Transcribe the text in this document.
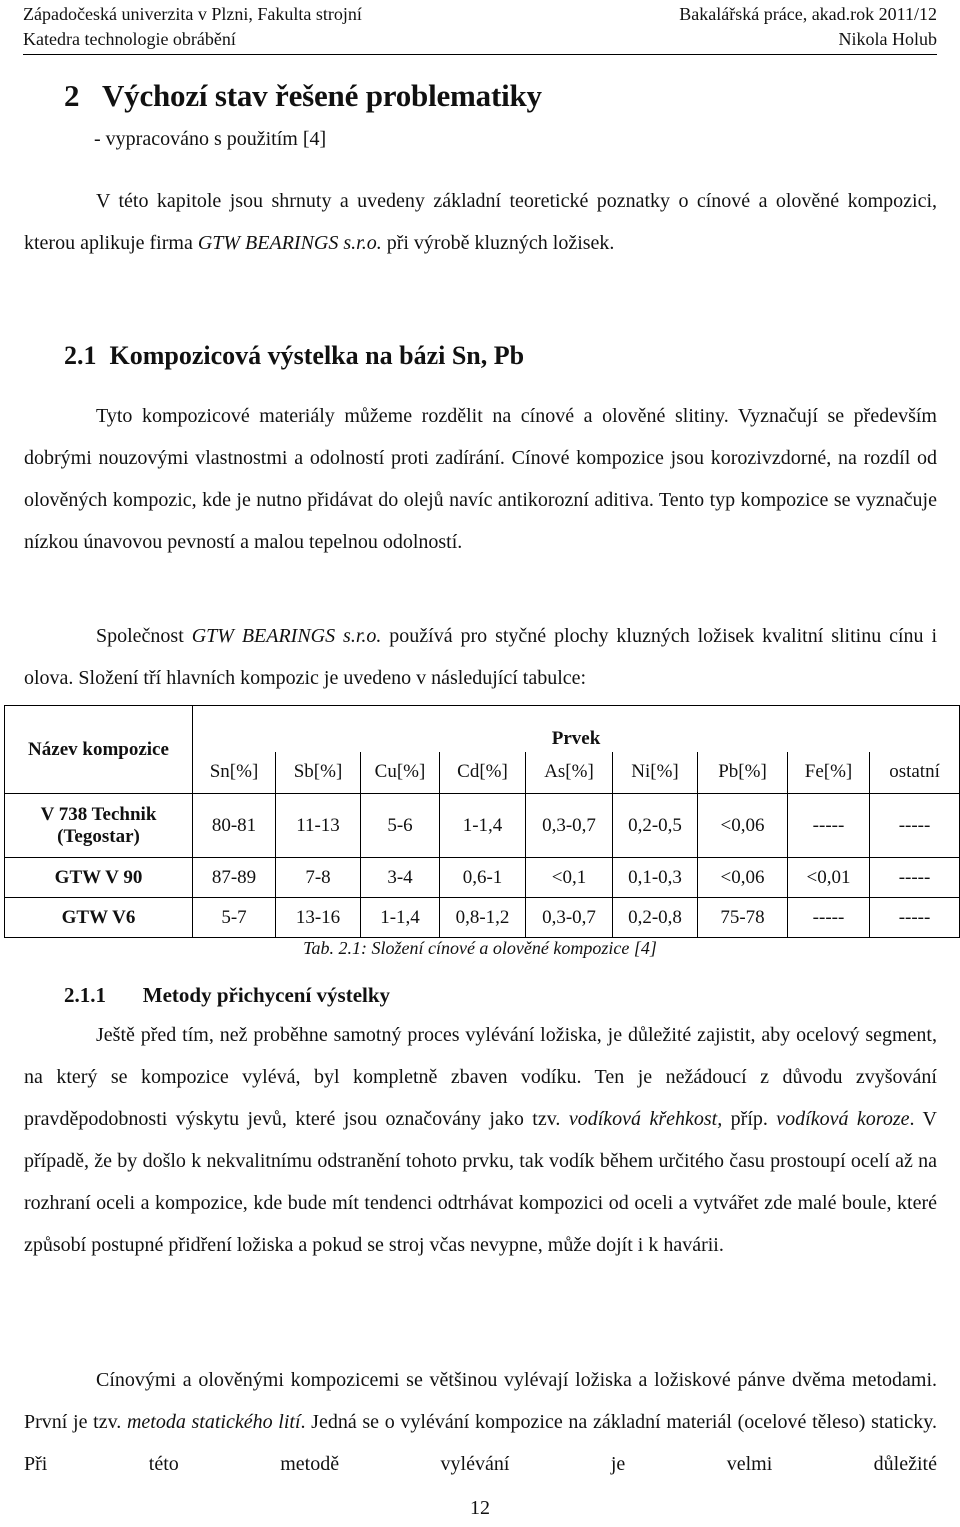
Západočeská univerzita v Plzni, Fakulta strojní	Bakalářská práce, akad.rok 2011/12
Katedra technologie obrábění	Nikola Holub
2 Výchozí stav řešené problematiky
- vypracováno s použitím [4]
V této kapitole jsou shrnuty a uvedeny základní teoretické poznatky o cínové a olověné kompozici, kterou aplikuje firma GTW BEARINGS s.r.o. při výrobě kluzných ložisek.
2.1 Kompozicová výstelka na bázi Sn, Pb
Tyto kompozicové materiály můžeme rozdělit na cínové a olověné slitiny. Vyznačují se především dobrými nouzovými vlastnostmi a odolností proti zadírání. Cínové kompozice jsou korozivzdorné, na rozdíl od olověných kompozic, kde je nutno přidávat do olejů navíc antikorozní aditiva. Tento typ kompozice se vyznačuje nízkou únavovou pevností a malou tepelnou odolností.
Společnost GTW BEARINGS s.r.o. používá pro styčné plochy kluzných ložisek kvalitní slitinu cínu i olova. Složení tří hlavních kompozic je uvedeno v následující tabulce:
Název kompozice	Prvek								
	Sn[%]	Sb[%]	Cu[%]	Cd[%]	As[%]	Ni[%]	Pb[%]	Fe[%]	ostatní
V 738 Technik (Tegostar)	80-81	11-13	5-6	1-1,4	0,3-0,7	0,2-0,5	<0,06	-----	-----
GTW V 90	87-89	7-8	3-4	0,6-1	<0,1	0,1-0,3	<0,06	<0,01	-----
GTW V6	5-7	13-16	1-1,4	0,8-1,2	0,3-0,7	0,2-0,8	75-78	-----	-----
Tab. 2.1: Složení cínové a olověné kompozice [4]
2.1.1 Metody přichycení výstelky
Ještě před tím, než proběhne samotný proces vylévání ložiska, je důležité zajistit, aby ocelový segment, na který se kompozice vylévá, byl kompletně zbaven vodíku. Ten je nežádoucí z důvodu zvyšování pravděpodobnosti výskytu jevů, které jsou označovány jako tzv. vodíková křehkost, příp. vodíková koroze. V případě, že by došlo k nekvalitnímu odstranění tohoto prvku, tak vodík během určitého času prostoupí ocelí až na rozhraní oceli a kompozice, kde bude mít tendenci odtrhávat kompozici od oceli a vytvářet zde malé boule, které způsobí postupné přidření ložiska a pokud se stroj včas nevypne, může dojít i k havárii.
Cínovými a olověnými kompozicemi se většinou vylévají ložiska a ložiskové pánve dvěma metodami. První je tzv. metoda statického lití. Jedná se o vylévání kompozice na základní materiál (ocelové těleso) staticky. Při této metodě vylévání je velmi důležité
12
